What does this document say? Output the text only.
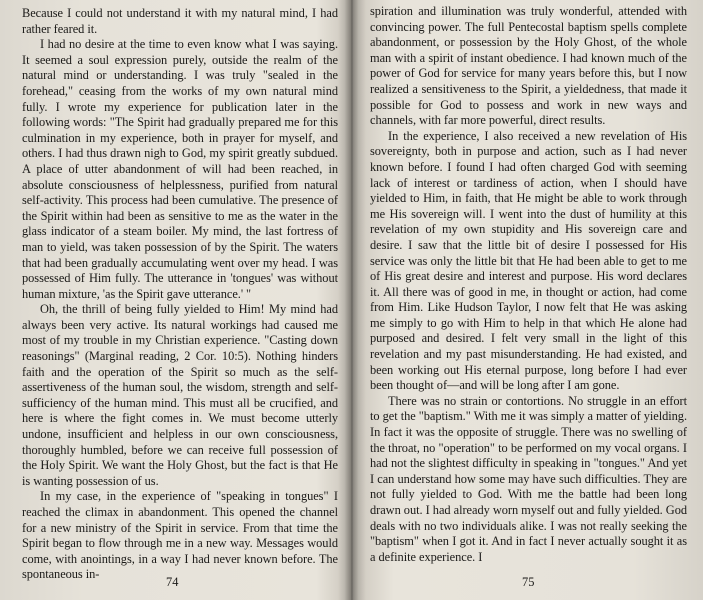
Because I could not understand it with my natural mind, I had rather feared it.

I had no desire at the time to even know what I was saying. It seemed a soul expression purely, outside the realm of the natural mind or understanding. I was truly "sealed in the forehead," ceasing from the works of my own natural mind fully. I wrote my experience for publication later in the following words: "The Spirit had gradually prepared me for this culmination in my experience, both in prayer for myself, and others. I had thus drawn nigh to God, my spirit greatly subdued. A place of utter abandonment of will had been reached, in absolute consciousness of helplessness, purified from natural self-activity. This process had been cumulative. The presence of the Spirit within had been as sensitive to me as the water in the glass indicator of a steam boiler. My mind, the last fortress of man to yield, was taken possession of by the Spirit. The waters that had been gradually accumulating went over my head. I was possessed of Him fully. The utterance in 'tongues' was without human mixture, 'as the Spirit gave utterance.' "

Oh, the thrill of being fully yielded to Him! My mind had always been very active. Its natural workings had caused me most of my trouble in my Christian experience. "Casting down reasonings" (Marginal reading, 2 Cor. 10:5). Nothing hinders faith and the operation of the Spirit so much as the self-assertiveness of the human soul, the wisdom, strength and self-sufficiency of the human mind. This must all be crucified, and here is where the fight comes in. We must become utterly undone, insufficient and helpless in our own consciousness, thoroughly humbled, before we can receive full possession of the Holy Spirit. We want the Holy Ghost, but the fact is that He is wanting possession of us.

In my case, in the experience of "speaking in tongues" I reached the climax in abandonment. This opened the channel for a new ministry of the Spirit in service. From that time the Spirit began to flow through me in a new way. Messages would come, with anointings, in a way I had never known before. The spontaneous in-

74

spiration and illumination was truly wonderful, attended with convincing power. The full Pentecostal baptism spells complete abandonment, or possession by the Holy Ghost, of the whole man with a spirit of instant obedience. I had known much of the power of God for service for many years before this, but I now realized a sensitiveness to the Spirit, a yieldedness, that made it possible for God to possess and work in new ways and channels, with far more powerful, direct results.

In the experience, I also received a new revelation of His sovereignty, both in purpose and action, such as I had never known before. I found I had often charged God with seeming lack of interest or tardiness of action, when I should have yielded to Him, in faith, that He might be able to work through me His sovereign will. I went into the dust of humility at this revelation of my own stupidity and His sovereign care and desire. I saw that the little bit of desire I possessed for His service was only the little bit that He had been able to get to me of His great desire and interest and purpose. His word declares it. All there was of good in me, in thought or action, had come from Him. Like Hudson Taylor, I now felt that He was asking me simply to go with Him to help in that which He alone had purposed and desired. I felt very small in the light of this revelation and my past misunderstanding. He had existed, and been working out His eternal purpose, long before I had ever been thought of—and will be long after I am gone.

There was no strain or contortions. No struggle in an effort to get the "baptism." With me it was simply a matter of yielding. In fact it was the opposite of struggle. There was no swelling of the throat, no "operation" to be performed on my vocal organs. I had not the slightest difficulty in speaking in "tongues." And yet I can understand how some may have such difficulties. They are not fully yielded to God. With me the battle had been long drawn out. I had already worn myself out and fully yielded. God deals with no two individuals alike. I was not really seeking the "baptism" when I got it. And in fact I never actually sought it as a definite experience. I

75
